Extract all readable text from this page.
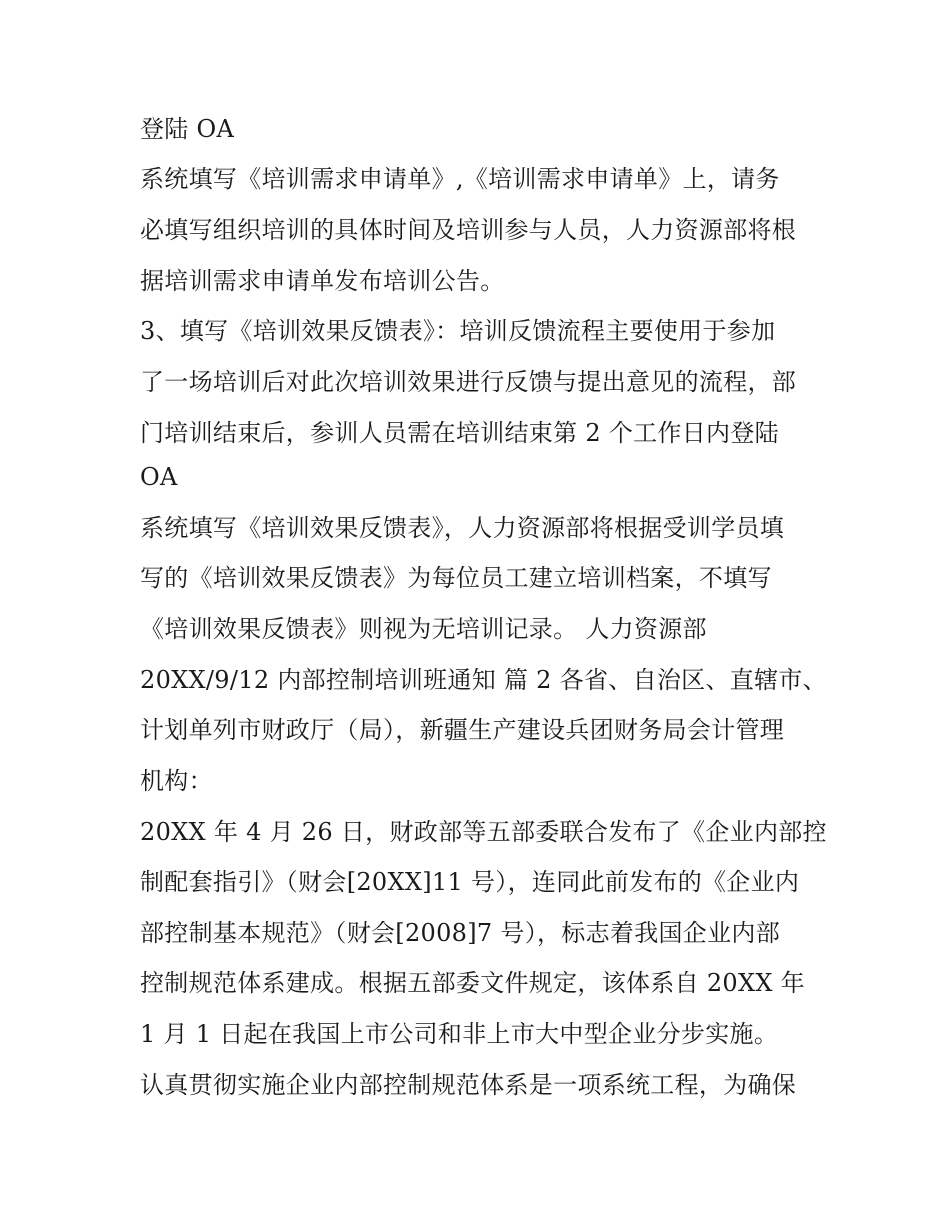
登陆 OA
系统填写《培训需求申请单》,《培训需求申请单》上，请务
必填写组织培训的具体时间及培训参与人员，人力资源部将根
据培训需求申请单发布培训公告。
3、填写《培训效果反馈表》：培训反馈流程主要使用于参加
了一场培训后对此次培训效果进行反馈与提出意见的流程，部
门培训结束后，参训人员需在培训结束第 2 个工作日内登陆
OA
系统填写《培训效果反馈表》，人力资源部将根据受训学员填
写的《培训效果反馈表》为每位员工建立培训档案，不填写
《培训效果反馈表》则视为无培训记录。 人力资源部
20XX/9/12 内部控制培训班通知 篇 2 各省、自治区、直辖市、
计划单列市财政厅（局），新疆生产建设兵团财务局会计管理
机构：
20XX 年 4 月 26 日，财政部等五部委联合发布了《企业内部控
制配套指引》（财会[20XX]11 号），连同此前发布的《企业内
部控制基本规范》（财会[2008]7 号），标志着我国企业内部
控制规范体系建成。根据五部委文件规定，该体系自 20XX 年
1 月 1 日起在我国上市公司和非上市大中型企业分步实施。
认真贯彻实施企业内部控制规范体系是一项系统工程，为确保
